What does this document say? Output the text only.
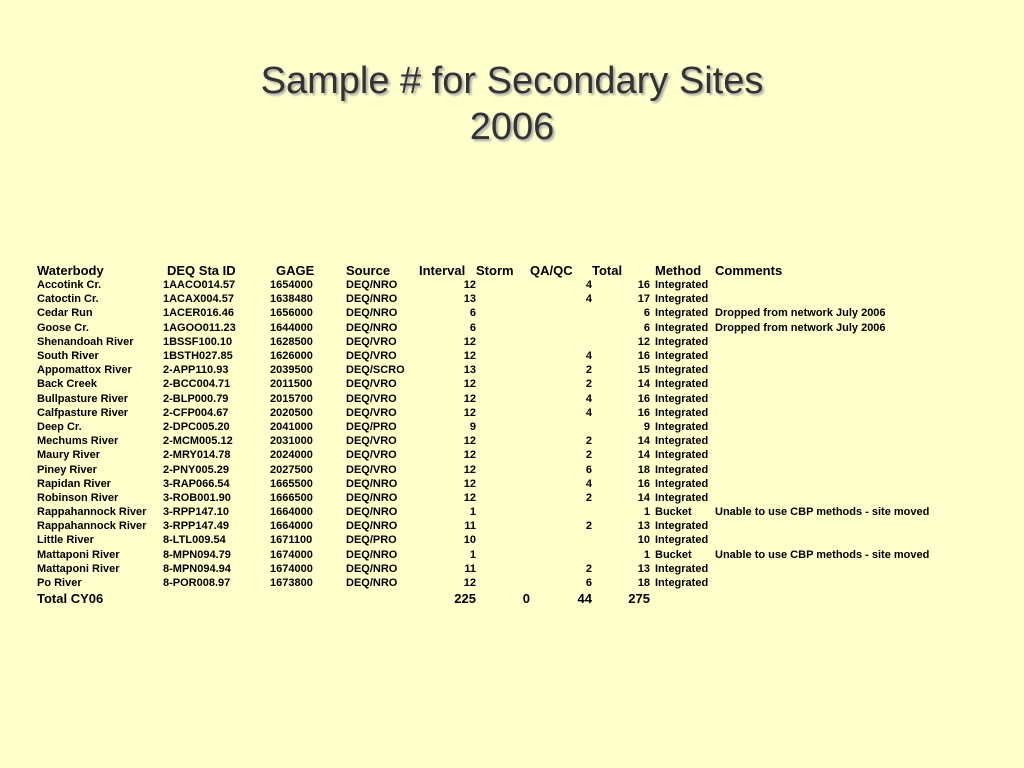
Sample # for Secondary Sites
2006
Waterbody	DEQ Sta ID	GAGE	Source	Interval	Storm	QA/QC	Total	Method	Comments
Accotink Cr.	1AACO014.57	1654000	DEQ/NRO	12		4	16	Integrated	
Catoctin Cr.	1ACAX004.57	1638480	DEQ/NRO	13		4	17	Integrated	
Cedar Run	1ACER016.46	1656000	DEQ/NRO	6			6	Integrated	Dropped from network July 2006
Goose Cr.	1AGOO011.23	1644000	DEQ/NRO	6			6	Integrated	Dropped from network July 2006
Shenandoah River	1BSSF100.10	1628500	DEQ/VRO	12			12	Integrated	
South River	1BSTH027.85	1626000	DEQ/VRO	12		4	16	Integrated	
Appomattox River	2-APP110.93	2039500	DEQ/SCRO	13		2	15	Integrated	
Back Creek	2-BCC004.71	2011500	DEQ/VRO	12		2	14	Integrated	
Bullpasture River	2-BLP000.79	2015700	DEQ/VRO	12		4	16	Integrated	
Calfpasture River	2-CFP004.67	2020500	DEQ/VRO	12		4	16	Integrated	
Deep Cr.	2-DPC005.20	2041000	DEQ/PRO	9			9	Integrated	
Mechums River	2-MCM005.12	2031000	DEQ/VRO	12		2	14	Integrated	
Maury River	2-MRY014.78	2024000	DEQ/VRO	12		2	14	Integrated	
Piney River	2-PNY005.29	2027500	DEQ/VRO	12		6	18	Integrated	
Rapidan River	3-RAP066.54	1665500	DEQ/NRO	12		4	16	Integrated	
Robinson River	3-ROB001.90	1666500	DEQ/NRO	12		2	14	Integrated	
Rappahannock River	3-RPP147.10	1664000	DEQ/NRO	1			1	Bucket	Unable to use CBP methods - site moved
Rappahannock River	3-RPP147.49	1664000	DEQ/NRO	11		2	13	Integrated	
Little River	8-LTL009.54	1671100	DEQ/PRO	10			10	Integrated	
Mattaponi River	8-MPN094.79	1674000	DEQ/NRO	1			1	Bucket	Unable to use CBP methods - site moved
Mattaponi River	8-MPN094.94	1674000	DEQ/NRO	11		2	13	Integrated	
Po River	8-POR008.97	1673800	DEQ/NRO	12		6	18	Integrated	
Total CY06				225	0	44	275		
